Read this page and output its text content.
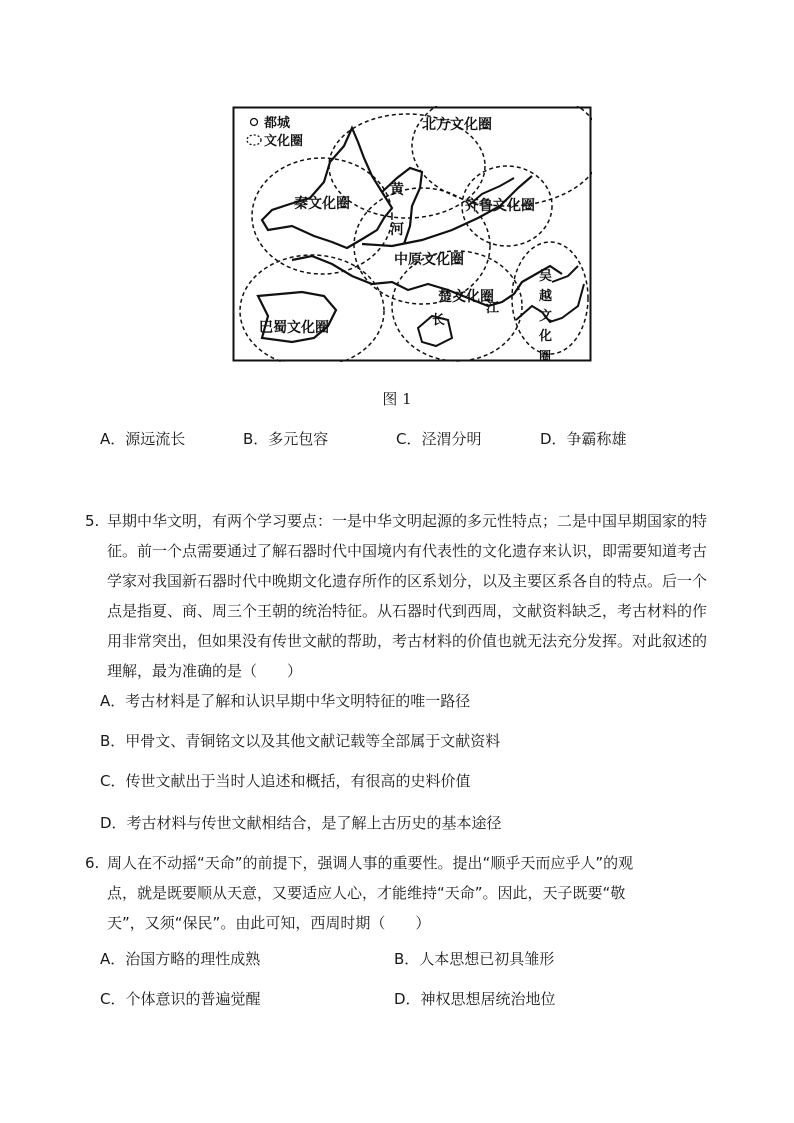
都城
文化圈
北方文化圈
秦文化圈	齐鲁文化圈
中原文化圈
楚文化圈
巴蜀文化圈
吴
越
文
化
圈
黄
河
长
江
图 1
A．源远流长	B．多元包容	C．泾渭分明	D．争霸称雄
5. 早期中华文明，有两个学习要点：一是中华文明起源的多元性特点；二是中国早期国家的特
征。前一个点需要通过了解石器时代中国境内有代表性的文化遗存来认识，即需要知道考古
学家对我国新石器时代中晚期文化遗存所作的区系划分，以及主要区系各自的特点。后一个
点是指夏、商、周三个王朝的统治特征。从石器时代到西周，文献资料缺乏，考古材料的作
用非常突出，但如果没有传世文献的帮助，考古材料的价值也就无法充分发挥。对此叙述的
理解，最为准确的是（　　）
A．考古材料是了解和认识早期中华文明特征的唯一路径
B．甲骨文、青铜铭文以及其他文献记载等全部属于文献资料
C．传世文献出于当时人追述和概括，有很高的史料价值
D．考古材料与传世文献相结合，是了解上古历史的基本途径
6. 周人在不动摇“天命”的前提下，强调人事的重要性。提出“顺乎天而应乎人”的观
点，就是既要顺从天意，又要适应人心，才能维持“天命”。因此，天子既要“敬
天”，又须“保民”。由此可知，西周时期（　　）
A．治国方略的理性成熟	B．人本思想已初具雏形
C．个体意识的普遍觉醒	D．神权思想居统治地位
